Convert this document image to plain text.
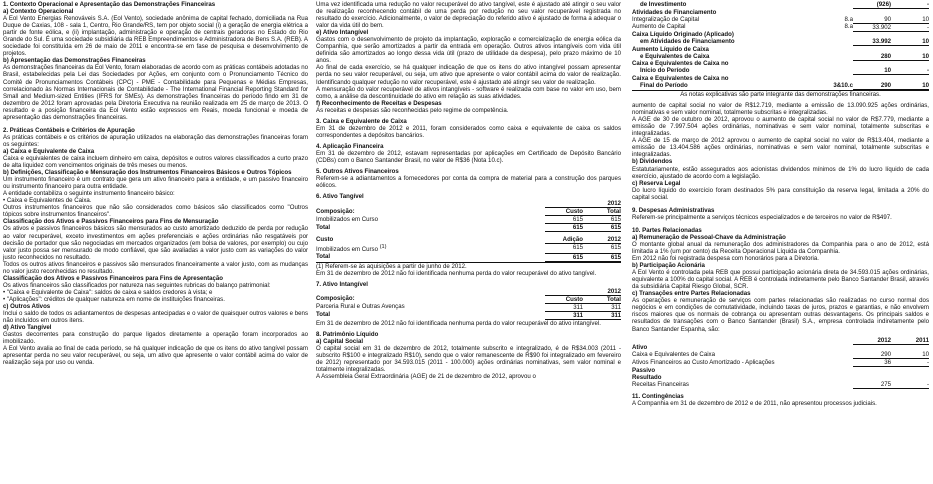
1. Contexto Operacional e Apresentação das Demonstrações Financeiras
a) Contexto Operacional

A Eol Vento Energias Renováveis S.A. (Eol Vento), sociedade anônima de capital fechado, domiciliada na Rua Duque de Caxias, 108 - sala 1, Centro, Rio Grande/RS, tem por objeto social (i) a geração de energia elétrica a partir de fonte eólica, e (ii) implantação, administração e operação de centrais geradoras no Estado do Rio Grande do Sul. É uma sociedade subsidiária da REB Empreendimentos e Administradora de Bens S.A. (REB). A sociedade foi constituída em 26 de maio de 2011 e encontra-se em fase de pesquisa e desenvolvimento de projetos.

b) Apresentação das Demonstrações Financeiras

As demonstrações financeiras da Eol Vento, foram elaboradas de acordo com as práticas contábeis adotadas no Brasil, estabelecidas pela Lei das Sociedades por Ações, em conjunto com o Pronunciamento Técnico do Comitê de Pronunciamentos Contábeis (CPC) - PME - Contabilidade para Pequenas e Médias Empresas, correlacionado às Normas Internacionais de Contabilidade - The International Financial Reporting Standard for Small and Medium-sized Entities (IFRS for SMEs). As demonstrações financeiras do período findo em 31 de dezembro de 2012 foram aprovadas pela Diretoria Executiva na reunião realizada em 25 de março de 2013. O resultado e a posição financeira da Eol Vento estão expressos em Reais, moeda funcional e moeda de apresentação das demonstrações financeiras.

2. Práticas Contábeis e Critérios de Apuração

As práticas contábeis e os critérios de apuração utilizados na elaboração das demonstrações financeiras foram os seguintes:

a) Caixa e Equivalente de Caixa

Caixa e equivalentes de caixa incluem dinheiro em caixa, depósitos e outros valores classificados a curto prazo de alta liquidez com vencimentos originais de três meses ou menos.

b) Definições, Classificação e Mensuração dos Instrumentos Financeiros Básicos e Outros Tópicos

Um instrumento financeiro é um contrato que gera um ativo financeiro para a entidade, e um passivo financeiro ou instrumento financeiro para outra entidade.

A entidade contabiliza o seguinte instrumento financeiro básico:

• Caixa e Equivalentes de Caixa.

Outros instrumentos financeiros que não são considerados como básicos são classificados como "Outros tópicos sobre instrumentos financeiros".

Classificação dos Ativos e Passivos Financeiros para Fins de Mensuração

Os ativos e passivos financeiros básicos são mensurados ao custo amortizado deduzido de perda por redução ao valor recuperável, exceto investimentos em ações preferenciais e ações ordinárias não resgatáveis por decisão de portador que são negociadas em mercados organizados (em bolsa de valores, por exemplo) ou cujo valor justo possa ser mensurado de modo confiável, que são avaliadas a valor justo com as variações do valor justo reconhecidos no resultado.

Todos os outros ativos financeiros e passivos são mensurados financeiramente a valor justo, com as mudanças no valor justo reconhecidas no resultado.

Classificação dos Ativos e Passivos Financeiros para Fins de Apresentação

Os ativos financeiros são classificados por natureza nas seguintes rubricas do balanço patrimonial:

• "Caixa e Equivalente de Caixa": saldos de caixa e saldos credores à vista; e

• "Aplicações": créditos de qualquer natureza em nome de instituições financeiras.

c) Outros Ativos

Inclui o saldo de todos os adiantamentos de despesas antecipadas e o valor de quaisquer outros valores e bens não incluídos em outros itens.

d) Ativo Tangível

Gastos decorrentes para construção do parque ligados diretamente a operação foram incorporados ao imobilizado.

A Eol Vento avalia ao final de cada período, se há qualquer indicação de que os itens do ativo tangível possam apresentar perda no seu valor recuperável, ou seja, um ativo que apresente o valor contábil acima do valor de realização seja por uso ou venda.

Uma vez identificada uma redução no valor recuperável do ativo tangível, este é ajustado até atingir o seu valor de realização reconhecendo contábil de uma perda por redução no seu valor recuperável registrada no resultado do exercício. Adicionalmente, o valor de depreciação do referido ativo é ajustado de forma a adequar o valor da vida útil do bem.

e) Ativo Intangível

Gastos com o desenvolvimento de projeto da implantação, exploração e comercialização de energia eólica da Companhia, que serão amortizados a partir da entrada em operação. Outros ativos intangíveis com vida útil definida são amortizados ao longo dessa vida útil (prazo de utilidade da despesa), pelo prazo máximo de 10 anos.

Ao final de cada exercício, se há qualquer indicação de que os itens do ativo intangível possam apresentar perda no seu valor recuperável, ou seja, um ativo que apresente o valor contábil acima do valor de realização. Identificando qualquer redução no valor recuperável, este é ajustado até atingir seu valor de realização.

A mensuração do valor recuperável de ativos intangíveis - software é realizada com base no valor em uso, bem como, a análise da descontinuidade do ativo em relação as suas atividades.

f) Reconhecimento de Receitas e Despesas

As receitas e despesas são reconhecidas pelo regime de competência.

3. Caixa e Equivalente de Caixa

Em 31 de dezembro de 2012 e 2011, foram considerados como caixa e equivalente de caixa os saldos correspondentes a depósitos bancários.

4. Aplicação Financeira

Em 31 de dezembro de 2012, estavam representadas por aplicações em Certificado de Depósito Bancário (CDBs) com o Banco Santander Brasil, no valor de R$36 (Nota 10.c).

5. Outros Ativos Financeiros

Referem-se a adiantamentos a fornecedores por conta da compra de material para a construção dos parques eólicos.

6. Ativo Tangível
	2012	
Composição:	Custo	Total
Imobilizados em Curso	615	615
Total	615	615
Custo	Adição	2012
Imobilizados em Curso $^{(1)}$	615	615
Total	615	615

(1) Referem-se às aquisições a partir de junho de 2012.

Em 31 de dezembro de 2012 não foi identificada nenhuma perda do valor recuperável do ativo tangível.

7. Ativo Intangível
	2012	
Composição:	Custo	Total
Parceria Rural e Outras Avenças	311	311
Total	311	311

Em 31 de dezembro de 2012 não foi identificada nenhuma perda do valor recuperável do ativo intangível.

8. Patrimônio Líquido
a) Capital Social

O capital social em 31 de dezembro de 2012, totalmente subscrito e integralizado, é de R$34.003 (2011 - subscrito R$100 e integralizado R$10), sendo que o valor remanescente de R$90 foi integralizado em fevereiro de 2012) representado por 34.593.015 (2011 - 100.000) ações ordinárias nominativas, sem valor nominal e totalmente integralizadas.

A Assembleia Geral Extraordinária (AGE) de 21 de dezembro de 2012, aprovou o

de Investimento		(926)	-
Atividades de Financiamento			
Integralização de Capital	8.a	90	10
Aumento de Capital	8.a	33.902	-
Caixa Líquido Originado (Aplicado)			
em Atividades de Financiamento		33.992	10
Aumento Líquido de Caixa			
e Equivalentes de Caixa		280	10
Caixa e Equivalentes de Caixa no			
Início do Período		10	-
Caixa e Equivalentes de Caixa no			
Final do Período	3&10.c	290	10

As notas explicativas são parte integrante das demonstrações financeiras.

aumento de capital social no valor de R$12.719, mediante a emissão de 13.090.925 ações ordinárias, nominativas e sem valor nominal, totalmente subscritas e integralizadas.

A AGE de 30 de outubro de 2012, aprovou o aumento de capital social no valor de R$7.779, mediante a emissão de 7.997.504 ações ordinárias, nominativas e sem valor nominal, totalmente subscritas e integralizadas.

A AGE de 15 de março de 2012 aprovou o aumento de capital social no valor de R$13.404, mediante a emissão de 13.404.586 ações ordinárias, nominativas e sem valor nominal, totalmente subscritas e integralizadas.

b) Dividendos

Estatutariamente, estão assegurados aos acionistas dividendos mínimos de 1% do lucro líquido de cada exercício, ajustado de acordo com a legislação.

c) Reserva Legal

Do lucro líquido do exercício foram destinados 5% para constituição da reserva legal, limitada a 20% do capital social.

9. Despesas Administrativas

Referem-se principalmente a serviços técnicos especializados e de terceiros no valor de R$497.

10. Partes Relacionadas
a) Remuneração de Pessoal-Chave da Administração

O montante global anual da remuneração dos administradores da Companhia para o ano de 2012, está limitada a 1% (um por cento) da Receita Operacional Líquida da Companhia.

Em 2012 não foi registrada despesa com honorários para a Diretoria.

b) Participação Acionária

A Eol Vento é controlada pela REB que possui participação acionária direta de 34.593.015 ações ordinárias, equivalente a 100% do capital social. A REB é controlada indiretamente pelo Banco Santander Brasil, através da subsidiária Capital Riesgo Global, SCR.

c) Transações entre Partes Relacionadas

As operações e remuneração de serviços com partes relacionadas são realizadas no curso normal dos negócios e em condições de comutatividade, incluindo taxas de juros, prazos e garantias, e não envolvem riscos maiores que os normais de cobrança ou apresentam outras desvantagens. Os principais saldos e resultados de transações com o Banco Santander (Brasil) S.A., empresa controlada indiretamente pelo Banco Santander Espanha, são:

	2012	2011
Ativo		
Caixa e Equivalentes de Caixa	290	10
Ativos Financeiros ao Custo Amortizado - Aplicações	36	-
Passivo		
Resultado		
Receitas Financeiras	275	-
11. Contingências

A Companhia em 31 de dezembro de 2012 e de 2011, não apresentou processos judiciais.
